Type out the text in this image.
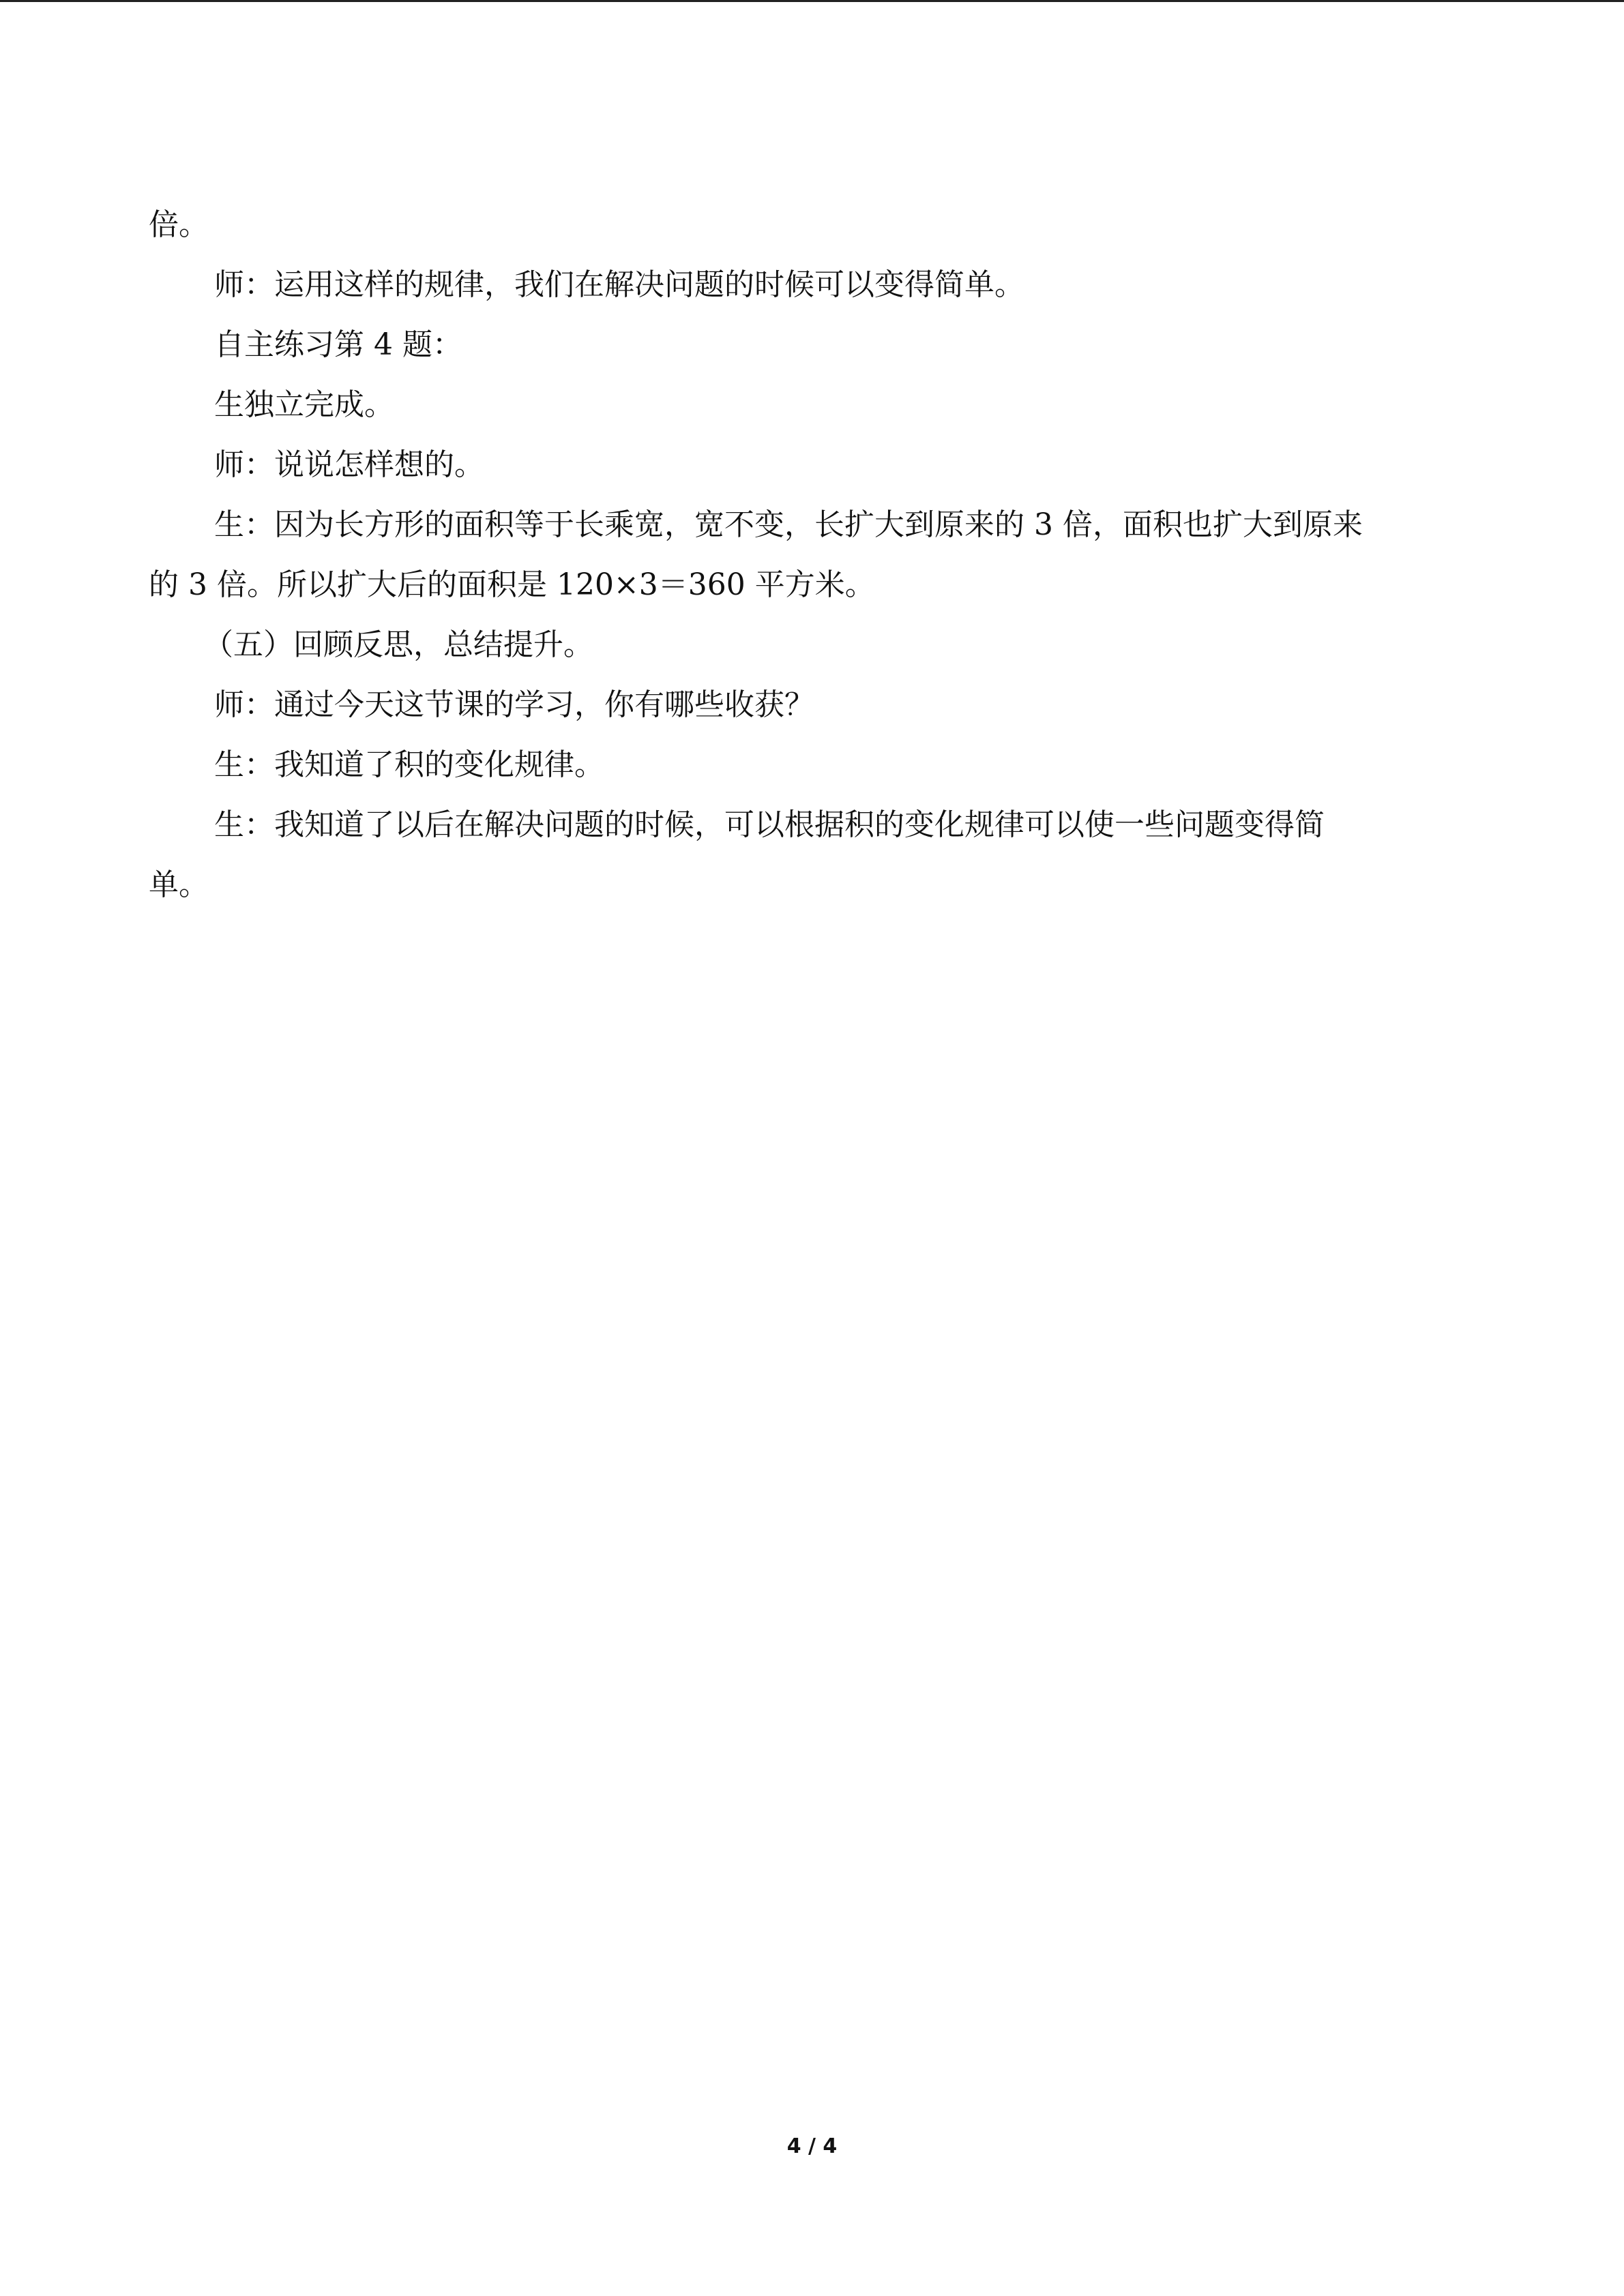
倍。
师：运用这样的规律，我们在解决问题的时候可以变得简单。
自主练习第 4 题：
生独立完成。
师：说说怎样想的。
生：因为长方形的面积等于长乘宽，宽不变，长扩大到原来的 3 倍，面积也扩大到原来
的 3 倍。所以扩大后的面积是 120×3＝360 平方米。
（五）回顾反思，总结提升。
师：通过今天这节课的学习，你有哪些收获？
生：我知道了积的变化规律。
生：我知道了以后在解决问题的时候，可以根据积的变化规律可以使一些问题变得简
单。
4 / 4
